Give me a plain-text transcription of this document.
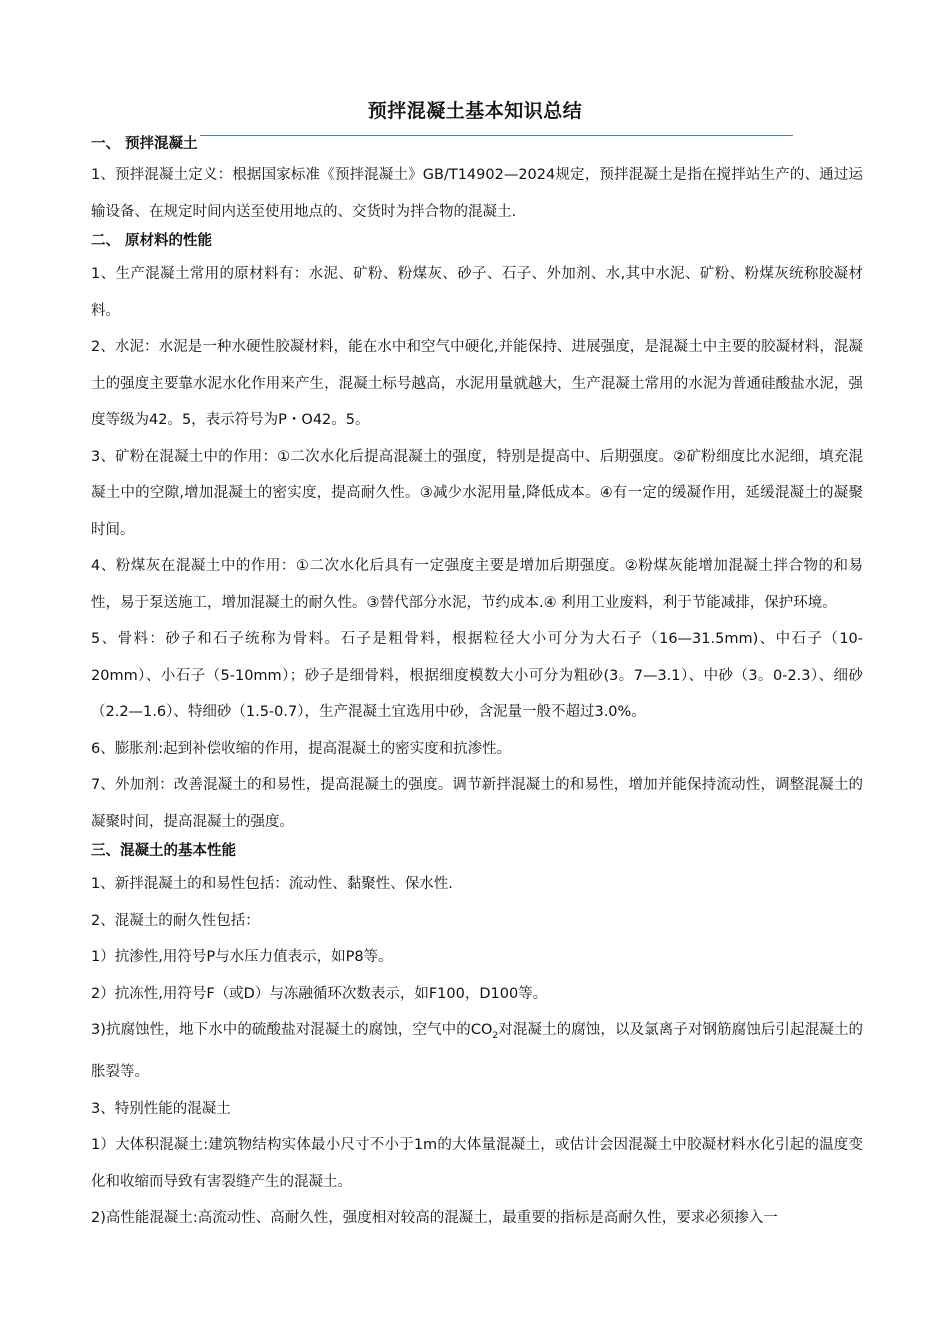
预拌混凝土基本知识总结
一、 预拌混凝土

1、预拌混凝土定义：根据国家标准《预拌混凝土》GB/T14902—2024规定，预拌混凝土是指在搅拌站生产的、通过运输设备、在规定时间内送至使用地点的、交货时为拌合物的混凝土.

二、 原材料的性能

1、生产混凝土常用的原材料有：水泥、矿粉、粉煤灰、砂子、石子、外加剂、水,其中水泥、矿粉、粉煤灰统称胶凝材料。

2、水泥：水泥是一种水硬性胶凝材料，能在水中和空气中硬化,并能保持、进展强度，是混凝土中主要的胶凝材料，混凝土的强度主要靠水泥水化作用来产生，混凝土标号越高，水泥用量就越大，生产混凝土常用的水泥为普通硅酸盐水泥，强度等级为42。5，表示符号为P・O42。5。

3、矿粉在混凝土中的作用：①二次水化后提高混凝土的强度，特别是提高中、后期强度。②矿粉细度比水泥细，填充混凝土中的空隙,增加混凝土的密实度，提高耐久性。③减少水泥用量,降低成本。④有一定的缓凝作用，延缓混凝土的凝聚时间。

4、粉煤灰在混凝土中的作用：①二次水化后具有一定强度主要是增加后期强度。②粉煤灰能增加混凝土拌合物的和易性，易于泵送施工，增加混凝土的耐久性。③替代部分水泥，节约成本.④ 利用工业废料，利于节能减排，保护环境。

5、骨料：砂子和石子统称为骨料。石子是粗骨料，根据粒径大小可分为大石子（16—31.5mm)、中石子（10-20mm）、小石子（5-10mm）；砂子是细骨料，根据细度模数大小可分为粗砂(3。7—3.1）、中砂（3。0-2.3）、细砂（2.2—1.6）、特细砂（1.5-0.7），生产混凝土宜选用中砂，含泥量一般不超过3.0%。

6、膨胀剂:起到补偿收缩的作用，提高混凝土的密实度和抗渗性。

7、外加剂：改善混凝土的和易性，提高混凝土的强度。调节新拌混凝土的和易性，增加并能保持流动性，调整混凝土的凝聚时间，提高混凝土的强度。

三、混凝土的基本性能

1、新拌混凝土的和易性包括：流动性、黏聚性、保水性.

2、混凝土的耐久性包括：

1）抗渗性,用符号P与水压力值表示，如P8等。

2）抗冻性,用符号F（或D）与冻融循环次数表示，如F100，D100等。

3)抗腐蚀性，地下水中的硫酸盐对混凝土的腐蚀，空气中的$CO_2$对混凝土的腐蚀，以及氯离子对钢筋腐蚀后引起混凝土的胀裂等。

3、特别性能的混凝土

1）大体积混凝土:建筑物结构实体最小尺寸不小于1m的大体量混凝土，或估计会因混凝土中胶凝材料水化引起的温度变化和收缩而导致有害裂缝产生的混凝土。

2)高性能混凝土:高流动性、高耐久性，强度相对较高的混凝土，最重要的指标是高耐久性，要求必须掺入一
